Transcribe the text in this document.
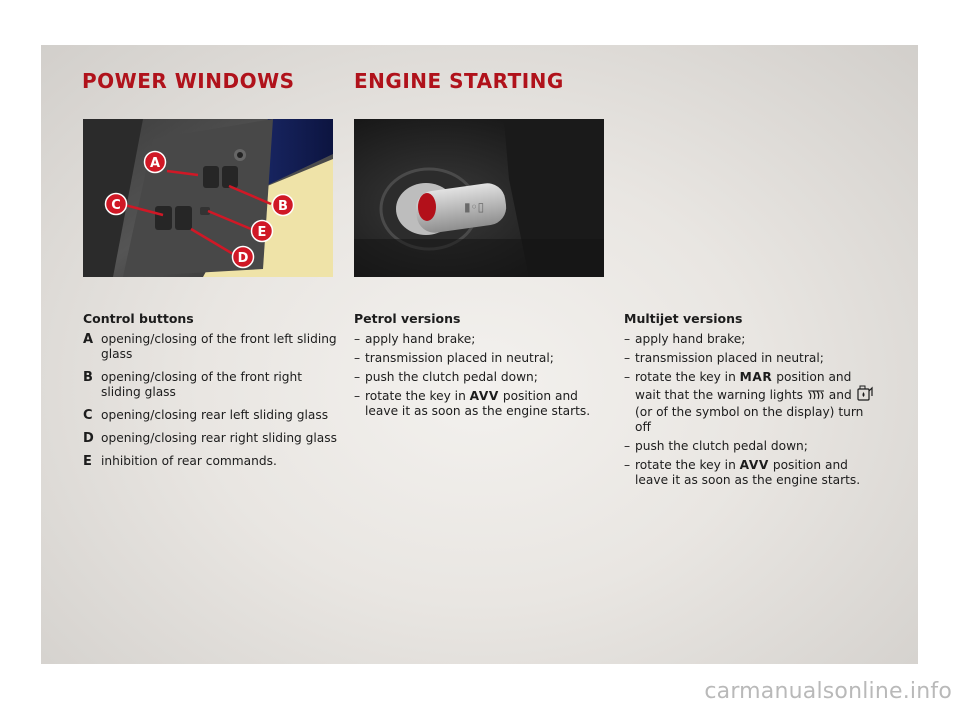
POWER WINDOWS	ENGINE STARTING
A
B
C
E
D
▮◦▯
Control buttons
A opening/closing of the front left sliding glass
B opening/closing of the front right sliding glass
C opening/closing rear left sliding glass
D opening/closing rear right sliding glass
E inhibition of rear commands.
Petrol versions
– apply hand brake;
– transmission placed in neutral;
– push the clutch pedal down;
– rotate the key in AVV position and leave it as soon as the engine starts.
Multijet versions
– apply hand brake;
– transmission placed in neutral;
– rotate the key in MAR position and wait that the warning lights and  (or of the symbol on the display) turn off
– push the clutch pedal down;
– rotate the key in AVV position and leave it as soon as the engine starts.
carmanualsonline.info
